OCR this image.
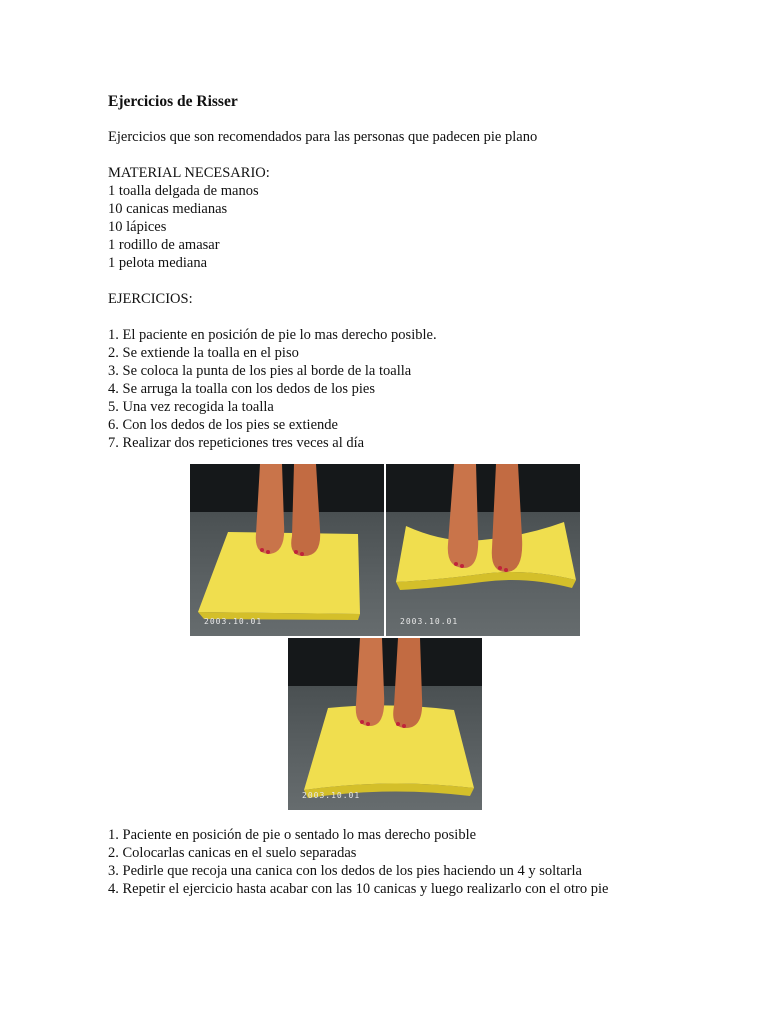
Ejercicios de Risser

Ejercicios que son recomendados para las personas que padecen pie plano

MATERIAL NECESARIO:

1 toalla delgada de manos

10 canicas medianas

10 lápices

1 rodillo de amasar

1 pelota mediana

EJERCICIOS:

1. El paciente en posición de pie lo mas derecho posible.

2. Se extiende la toalla en el piso

3. Se coloca la punta de los pies al borde de la toalla

4. Se arruga la toalla con los dedos de los pies

5. Una vez recogida la toalla

6. Con los dedos de los pies se extiende

7. Realizar dos repeticiones tres veces al día

2003.10.01	2003.10.01
2003.10.01

1. Paciente en posición de pie o sentado lo mas derecho posible

2. Colocarlas canicas en el suelo separadas

3. Pedirle que recoja una canica con los dedos de los pies haciendo un 4 y soltarla

4. Repetir el ejercicio hasta acabar con las 10 canicas y luego realizarlo con el otro pie
